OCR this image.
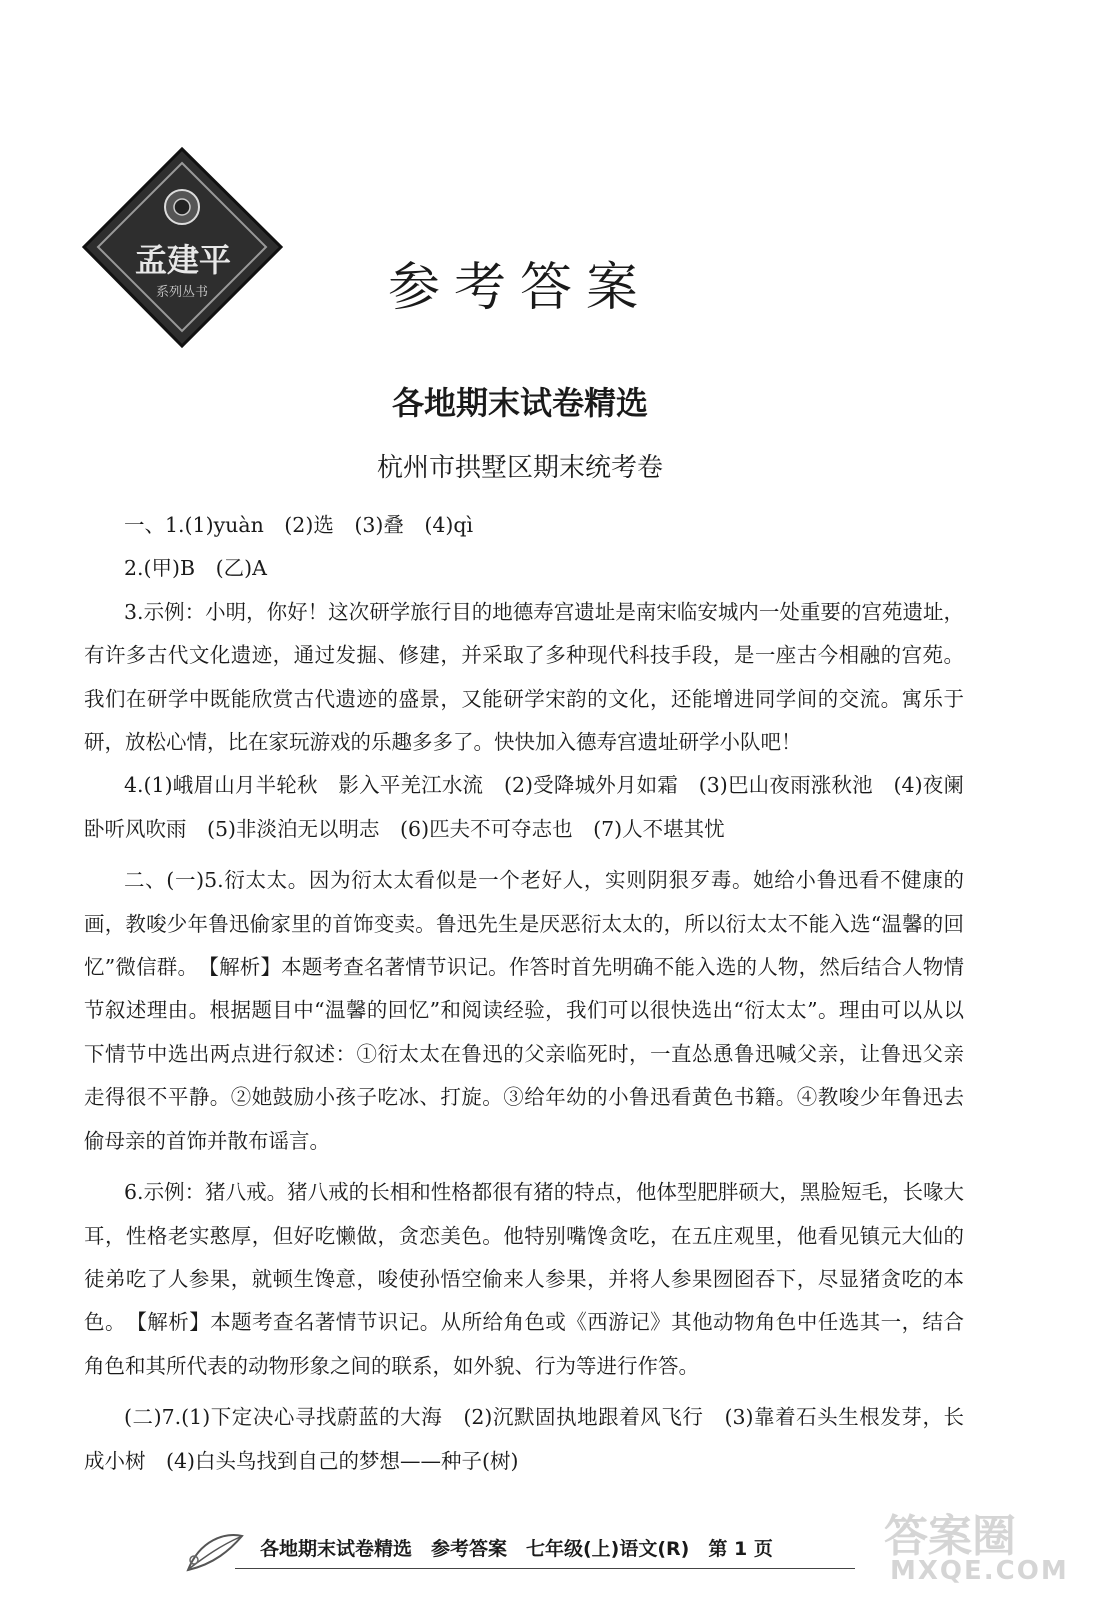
孟建平
系列丛书	参考答案
各地期末试卷精选
杭州市拱墅区期末统考卷

一、1.(1)yuàn　(2)选　(3)叠　(4)qì

2.(甲)B　(乙)A

3.示例：小明，你好！这次研学旅行目的地德寿宫遗址是南宋临安城内一处重要的宫苑遗址，有许多古代文化遗迹，通过发掘、修建，并采取了多种现代科技手段，是一座古今相融的宫苑。我们在研学中既能欣赏古代遗迹的盛景，又能研学宋韵的文化，还能增进同学间的交流。寓乐于研，放松心情，比在家玩游戏的乐趣多多了。快快加入德寿宫遗址研学小队吧！

4.(1)峨眉山月半轮秋　影入平羌江水流　(2)受降城外月如霜　(3)巴山夜雨涨秋池　(4)夜阑卧听风吹雨　(5)非淡泊无以明志　(6)匹夫不可夺志也　(7)人不堪其忧

二、(一)5.衍太太。因为衍太太看似是一个老好人，实则阴狠歹毒。她给小鲁迅看不健康的画，教唆少年鲁迅偷家里的首饰变卖。鲁迅先生是厌恶衍太太的，所以衍太太不能入选“温馨的回忆”微信群。　【解析】本题考查名著情节识记。作答时首先明确不能入选的人物，然后结合人物情节叙述理由。根据题目中“温馨的回忆”和阅读经验，我们可以很快选出“衍太太”。理由可以从以下情节中选出两点进行叙述：①衍太太在鲁迅的父亲临死时，一直怂恿鲁迅喊父亲，让鲁迅父亲走得很不平静。②她鼓励小孩子吃冰、打旋。③给年幼的小鲁迅看黄色书籍。④教唆少年鲁迅去偷母亲的首饰并散布谣言。

6.示例：猪八戒。猪八戒的长相和性格都很有猪的特点，他体型肥胖硕大，黑脸短毛，长喙大耳，性格老实憨厚，但好吃懒做，贪恋美色。他特别嘴馋贪吃，在五庄观里，他看见镇元大仙的徒弟吃了人参果，就顿生馋意，唆使孙悟空偷来人参果，并将人参果囫囵吞下，尽显猪贪吃的本色。　【解析】本题考查名著情节识记。从所给角色或《西游记》其他动物角色中任选其一，结合角色和其所代表的动物形象之间的联系，如外貌、行为等进行作答。

(二)7.(1)下定决心寻找蔚蓝的大海　(2)沉默固执地跟着风飞行　(3)靠着石头生根发芽，长成小树　(4)白头鸟找到自己的梦想——种子(树)

各地期末试卷精选　参考答案　七年级(上)语文(R)　第 1 页	答案圈
MXQE.COM
